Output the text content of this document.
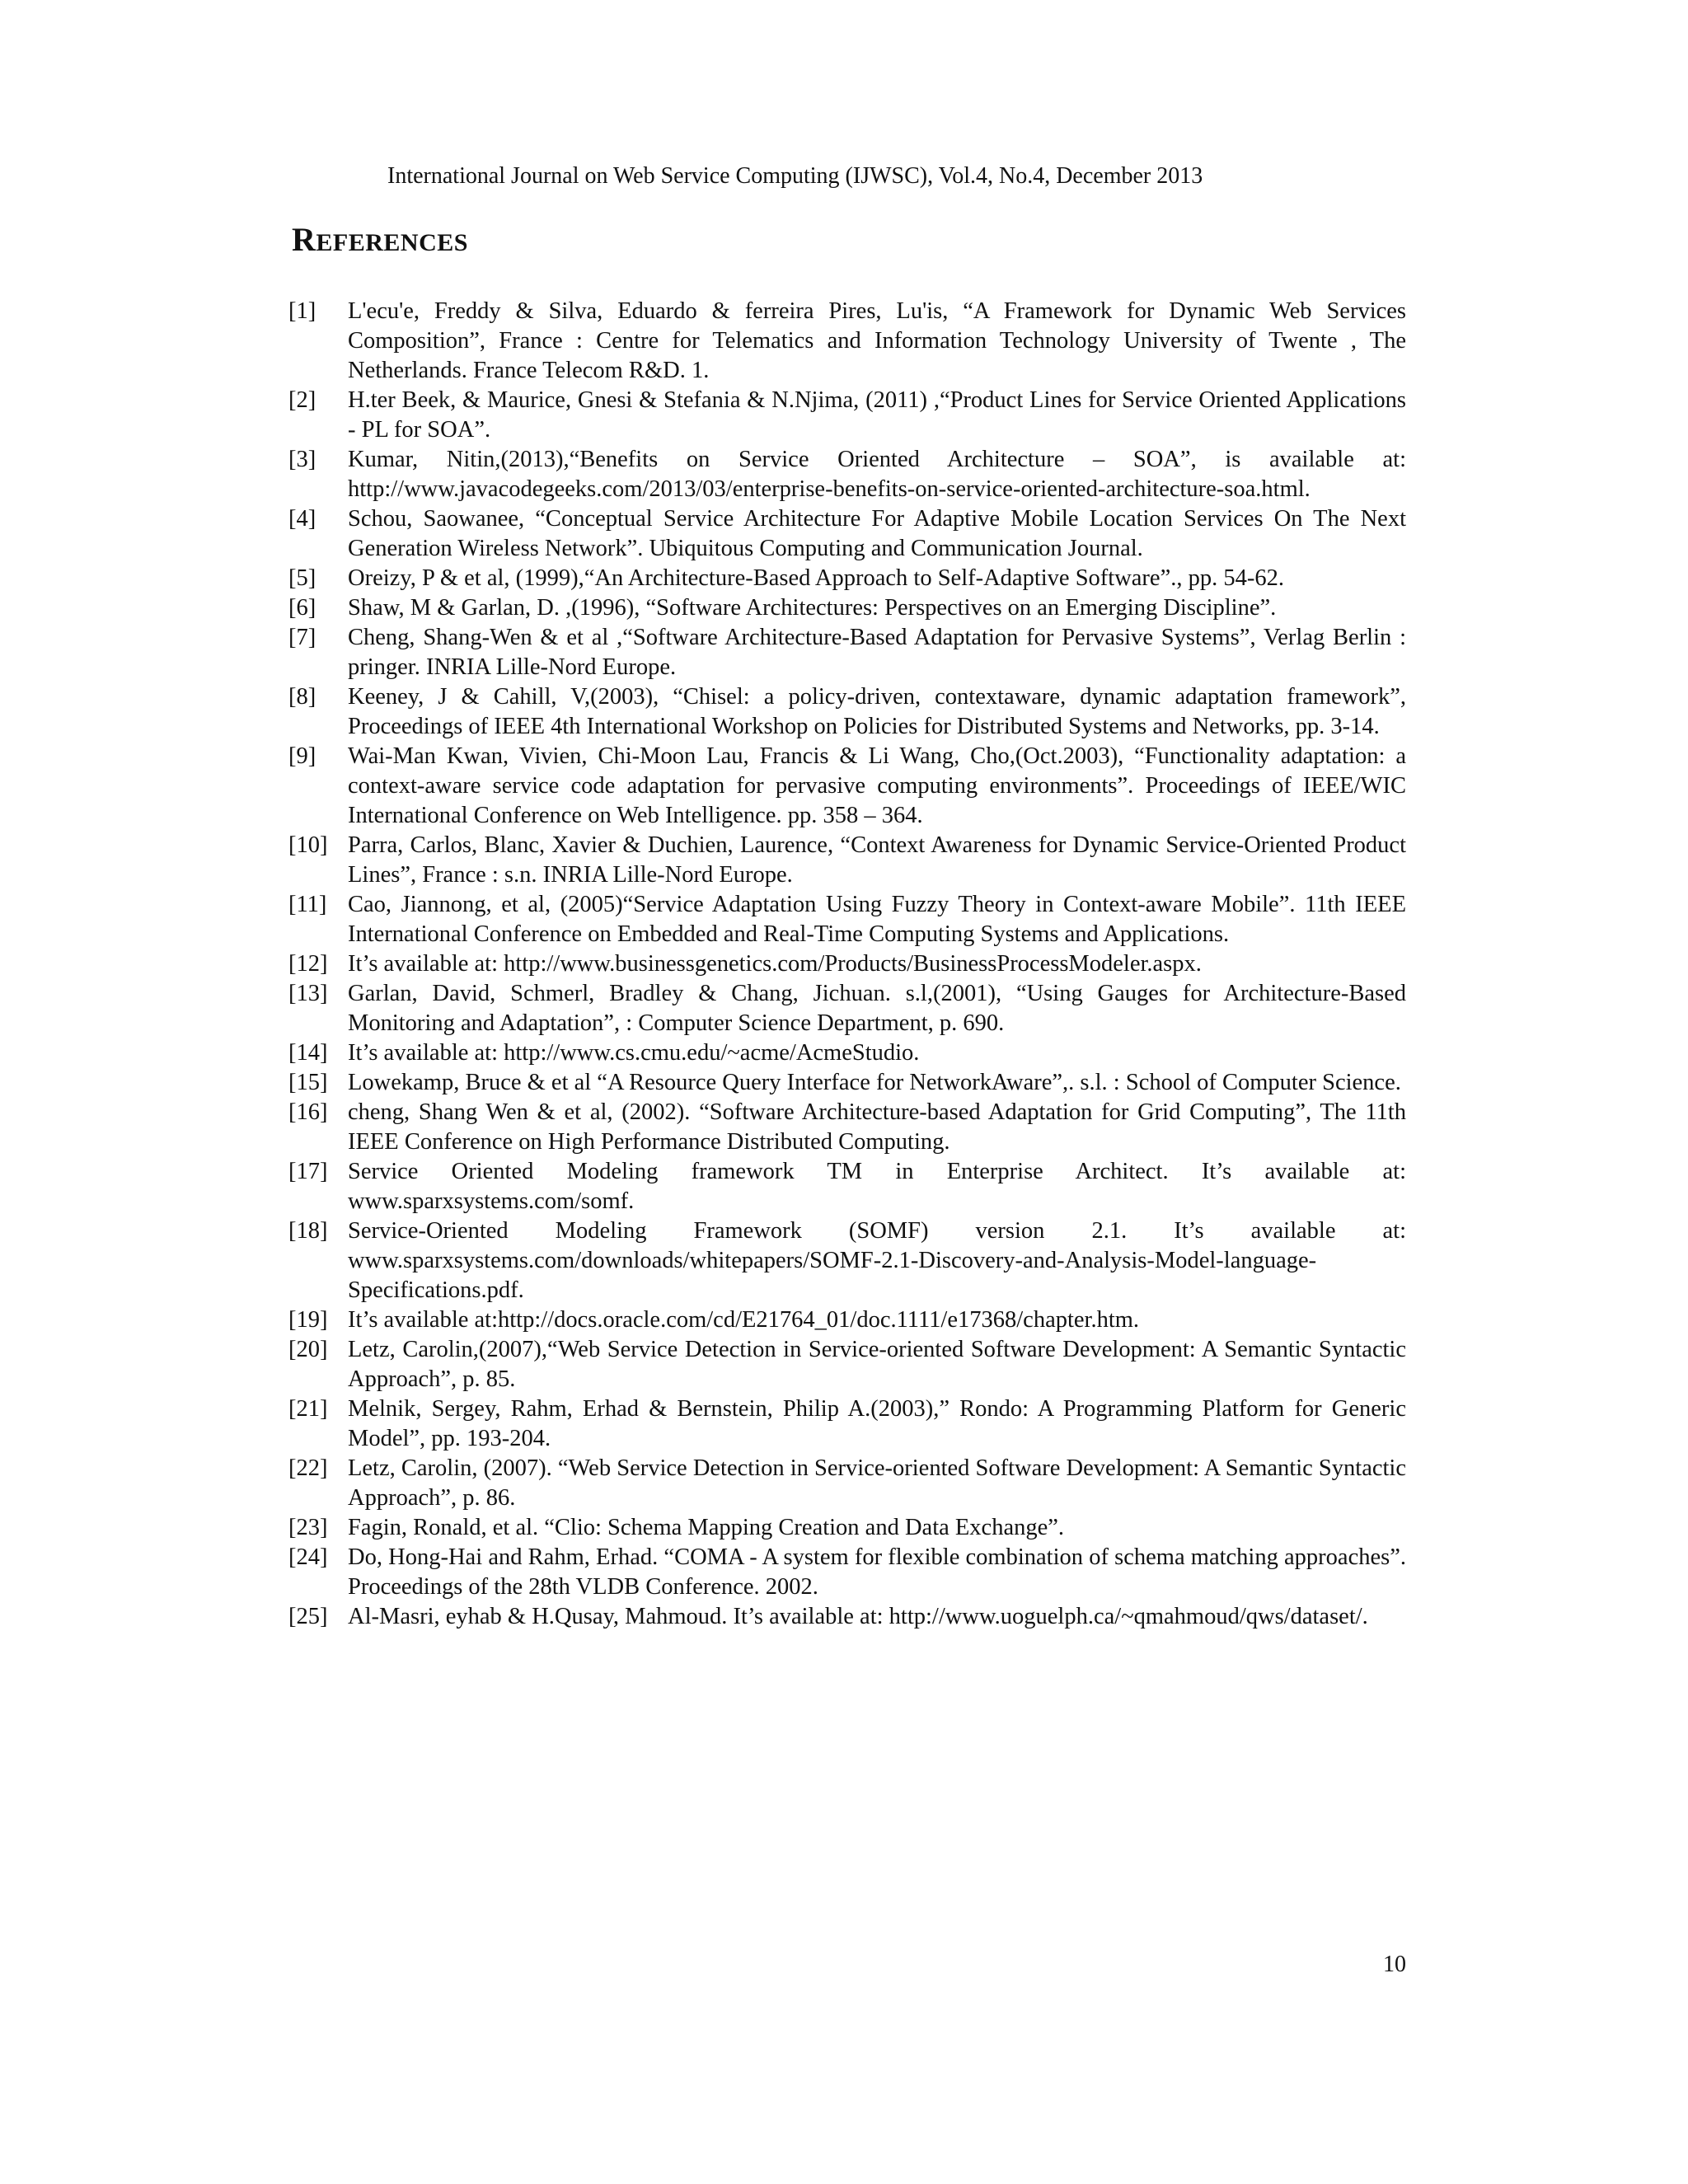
International Journal on Web Service Computing (IJWSC), Vol.4, No.4, December 2013
REFERENCES
[1] L'ecu'e, Freddy & Silva, Eduardo & ferreira Pires, Lu'is, “A Framework for Dynamic Web Services Composition”, France : Centre for Telematics and Information Technology University of Twente , The Netherlands. France Telecom R&D. 1.
[2] H.ter Beek, & Maurice, Gnesi & Stefania & N.Njima, (2011) ,“Product Lines for Service Oriented Applications - PL for SOA”.
[3] Kumar, Nitin,(2013),“Benefits on Service Oriented Architecture – SOA”, is available at: http://www.javacodegeeks.com/2013/03/enterprise-benefits-on-service-oriented-architecture-soa.html.
[4] Schou, Saowanee, “Conceptual Service Architecture For Adaptive Mobile Location Services On The Next Generation Wireless Network”. Ubiquitous Computing and Communication Journal.
[5] Oreizy, P & et al, (1999),“An Architecture-Based Approach to Self-Adaptive Software”., pp. 54-62.
[6] Shaw, M & Garlan, D. ,(1996), “Software Architectures: Perspectives on an Emerging Discipline”.
[7] Cheng, Shang-Wen & et al ,“Software Architecture-Based Adaptation for Pervasive Systems”, Verlag Berlin : pringer. INRIA Lille-Nord Europe.
[8] Keeney, J & Cahill, V,(2003), “Chisel: a policy-driven, contextaware, dynamic adaptation framework”, Proceedings of IEEE 4th International Workshop on Policies for Distributed Systems and Networks, pp. 3-14.
[9] Wai-Man Kwan, Vivien, Chi-Moon Lau, Francis & Li Wang, Cho,(Oct.2003), “Functionality adaptation: a context-aware service code adaptation for pervasive computing environments”. Proceedings of IEEE/WIC International Conference on Web Intelligence. pp. 358 – 364.
[10] Parra, Carlos, Blanc, Xavier & Duchien, Laurence, “Context Awareness for Dynamic Service-Oriented Product Lines”, France : s.n. INRIA Lille-Nord Europe.
[11] Cao, Jiannong, et al, (2005)“Service Adaptation Using Fuzzy Theory in Context-aware Mobile”. 11th IEEE International Conference on Embedded and Real-Time Computing Systems and Applications.
[12] It’s available at: http://www.businessgenetics.com/Products/BusinessProcessModeler.aspx.
[13] Garlan, David, Schmerl, Bradley & Chang, Jichuan. s.l,(2001), “Using Gauges for Architecture-Based Monitoring and Adaptation”, : Computer Science Department, p. 690.
[14] It’s available at: http://www.cs.cmu.edu/~acme/AcmeStudio.
[15] Lowekamp, Bruce & et al “A Resource Query Interface for NetworkAware”,. s.l. : School of Computer Science.
[16] cheng, Shang Wen & et al, (2002). “Software Architecture-based Adaptation for Grid Computing”, The 11th IEEE Conference on High Performance Distributed Computing.
[17] Service Oriented Modeling framework TM in Enterprise Architect. It’s available at: www.sparxsystems.com/somf.
[18] Service-Oriented Modeling Framework (SOMF) version 2.1. It’s available at: www.sparxsystems.com/downloads/whitepapers/SOMF-2.1-Discovery-and-Analysis-Model-language-Specifications.pdf.
[19] It’s available at:http://docs.oracle.com/cd/E21764_01/doc.1111/e17368/chapter.htm.
[20] Letz, Carolin,(2007),“Web Service Detection in Service-oriented Software Development: A Semantic Syntactic Approach”, p. 85.
[21] Melnik, Sergey, Rahm, Erhad & Bernstein, Philip A.(2003),” Rondo: A Programming Platform for Generic Model”, pp. 193-204.
[22] Letz, Carolin, (2007). “Web Service Detection in Service-oriented Software Development: A Semantic Syntactic Approach”, p. 86.
[23] Fagin, Ronald, et al. “Clio: Schema Mapping Creation and Data Exchange”.
[24] Do, Hong-Hai and Rahm, Erhad. “COMA - A system for flexible combination of schema matching approaches”. Proceedings of the 28th VLDB Conference. 2002.
[25] Al-Masri, eyhab & H.Qusay, Mahmoud. It’s available at: http://www.uoguelph.ca/~qmahmoud/qws/dataset/.
10
